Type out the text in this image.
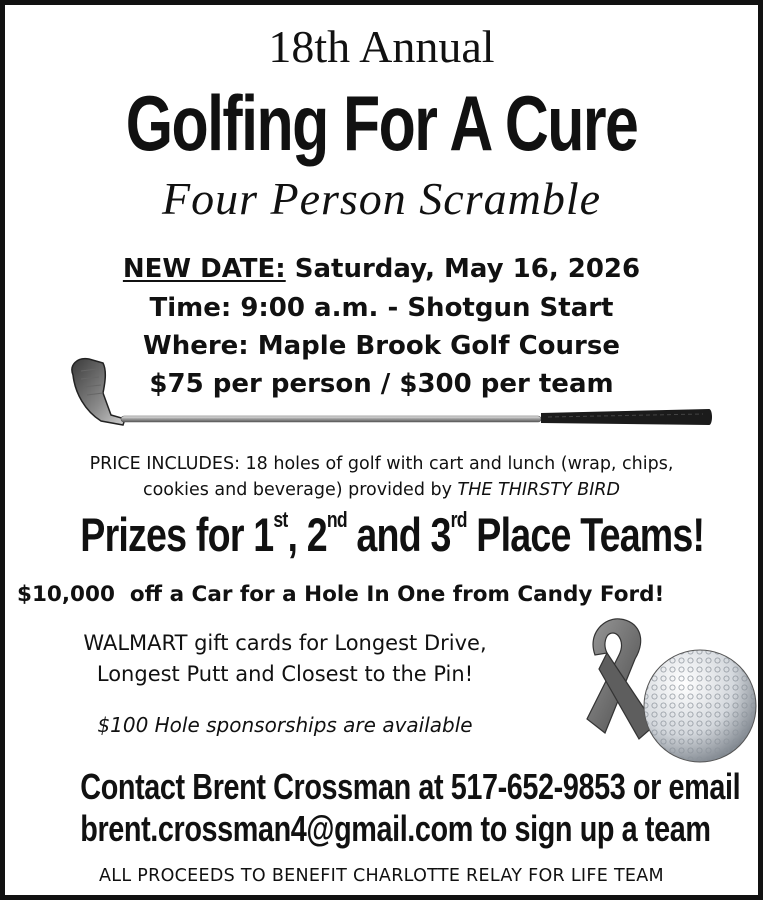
18th Annual
Golfing For A Cure
Four Person Scramble
NEW DATE: Saturday, May 16, 2026
Time: 9:00 a.m. - Shotgun Start
Where: Maple Brook Golf Course
$75 per person / $300 per team
PRICE INCLUDES: 18 holes of golf with cart and lunch (wrap, chips,
cookies and beverage) provided by THE THIRSTY BIRD
Prizes for 1st, 2nd and 3rd Place Teams!
$10,000  off a Car for a Hole In One from Candy Ford!
WALMART gift cards for Longest Drive,
Longest Putt and Closest to the Pin!
$100 Hole sponsorships are available
Contact Brent Crossman at 517-652-9853 or email
brent.crossman4@gmail.com to sign up a team
ALL PROCEEDS TO BENEFIT CHARLOTTE RELAY FOR LIFE TEAM
